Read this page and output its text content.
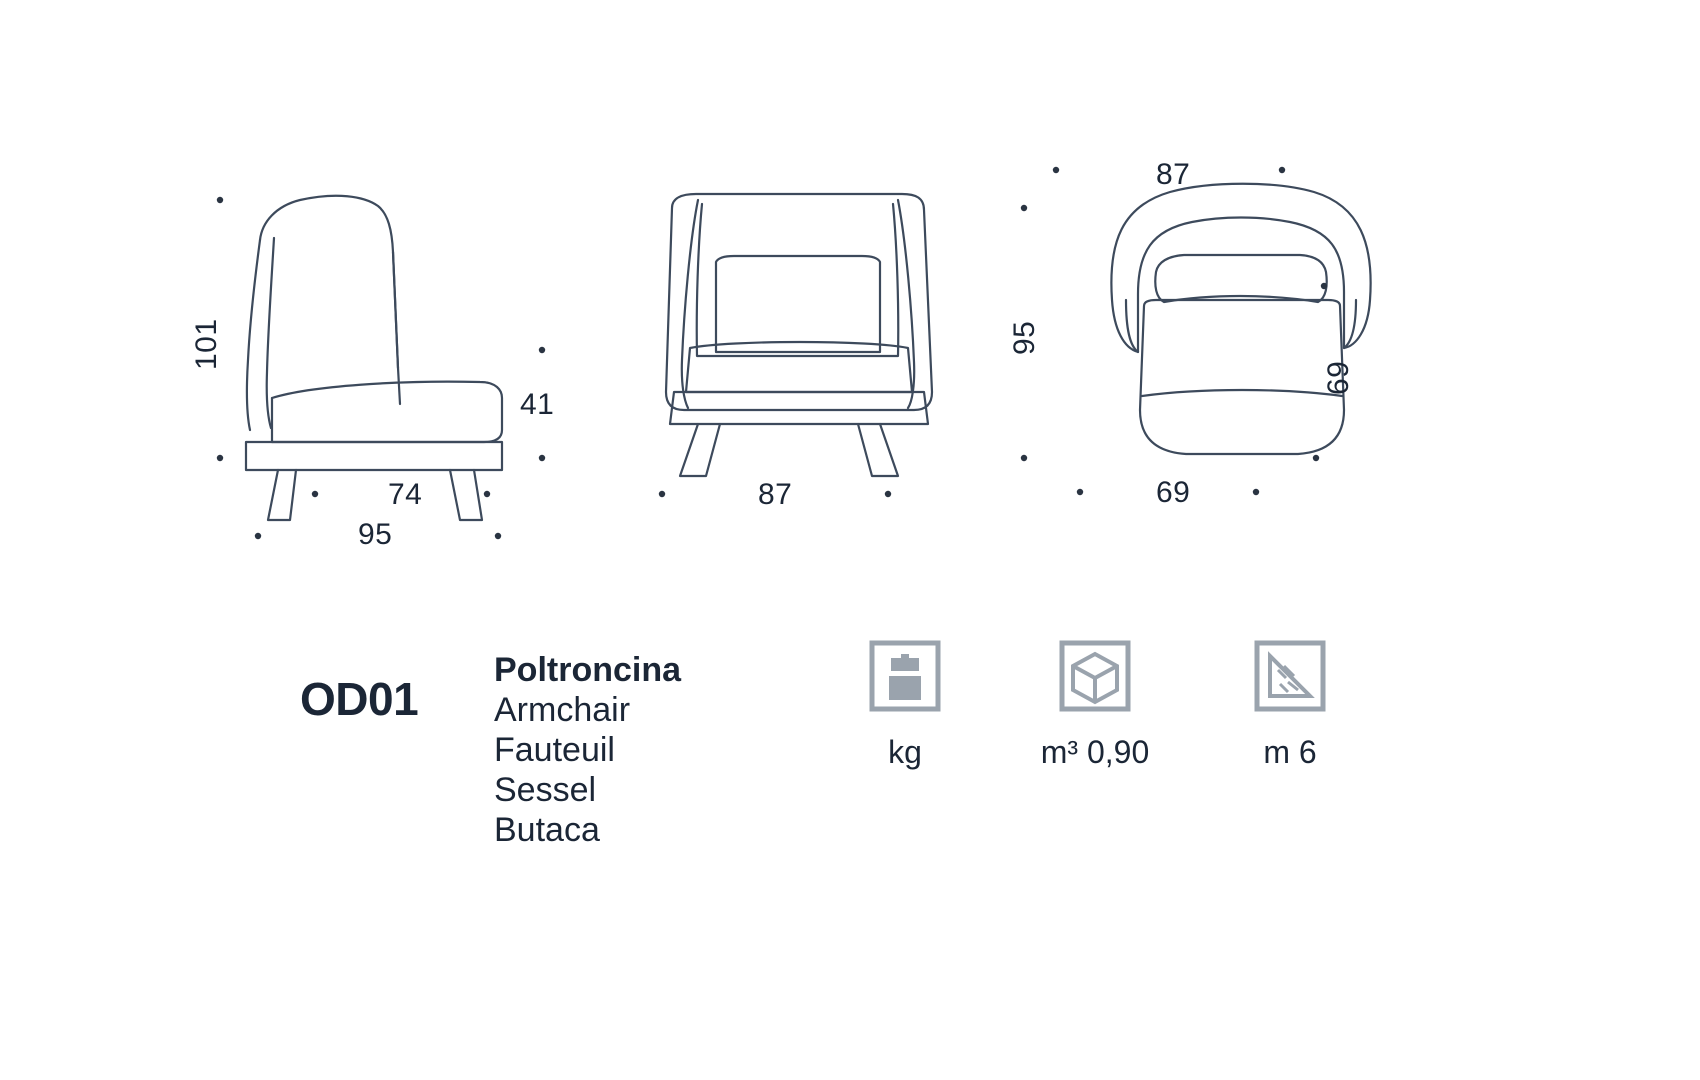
101
41
74
95
87
87
95
69
69
OD01
Poltroncina
Armchair
Fauteuil
Sessel
Butaca
kg	m³ 0,90	m 6
